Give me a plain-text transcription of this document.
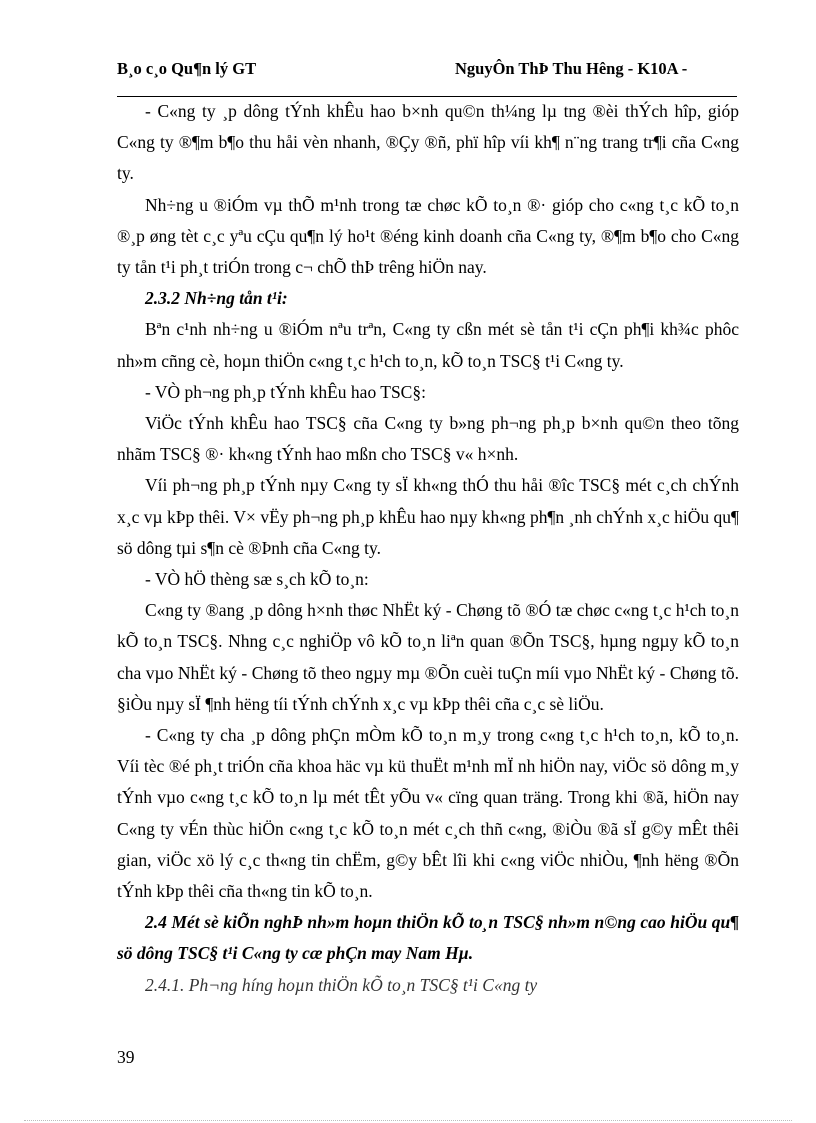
B¸o c¸o Qu¶n lý GT	NguyÔn ThÞ Thu Hêng - K10A -

- C«ng ty ¸p dông tÝnh khÊu hao b×nh qu©n th¼ng lµ tng ®èi thÝch hîp, gióp C«ng ty ®¶m b¶o thu håi vèn nhanh, ®Çy ®ñ, phï hîp víi kh¶ n¨ng trang tr¶i cña C«ng ty.

Nh÷ng u ®iÓm vµ thÕ m¹nh trong tæ chøc kÕ to¸n ®· gióp cho c«ng t¸c kÕ to¸n ®¸p øng tèt c¸c yªu cÇu qu¶n lý ho¹t ®éng kinh doanh cña C«ng ty, ®¶m b¶o cho C«ng ty tån t¹i ph¸t triÓn trong c¬ chÕ thÞ trêng hiÖn nay.

2.3.2 Nh÷ng tån t¹i:

Bªn c¹nh nh÷ng u ®iÓm nªu trªn, C«ng ty cßn mét sè tån t¹i cÇn ph¶i kh¾c phôc nh»m cñng cè, hoµn thiÖn c«ng t¸c h¹ch to¸n, kÕ to¸n TSC§ t¹i C«ng ty.

- VÒ ph¬ng ph¸p tÝnh khÊu hao TSC§:

ViÖc tÝnh khÊu hao TSC§ cña C«ng ty b»ng ph¬ng ph¸p b×nh qu©n theo tõng nhãm TSC§ ®· kh«ng tÝnh hao mßn cho TSC§ v« h×nh.

Víi ph¬ng ph¸p tÝnh nµy C«ng ty sÏ kh«ng thÓ thu håi ®îc TSC§ mét c¸ch chÝnh x¸c vµ kÞp thêi. V× vËy ph¬ng ph¸p khÊu hao nµy kh«ng ph¶n ¸nh chÝnh x¸c hiÖu qu¶ sö dông tµi s¶n cè ®Þnh cña C«ng ty.

- VÒ hÖ thèng sæ s¸ch kÕ to¸n:

C«ng ty ®ang ¸p dông h×nh thøc NhËt ký - Chøng tõ ®Ó tæ chøc c«ng t¸c h¹ch to¸n kÕ to¸n TSC§. Nhng c¸c nghiÖp vô kÕ to¸n liªn quan ®Õn TSC§, hµng ngµy kÕ to¸n cha vµo NhËt ký - Chøng tõ theo ngµy mµ ®Õn cuèi tuÇn míi vµo NhËt ký - Chøng tõ. §iÒu nµy sÏ ¶nh hëng tíi tÝnh chÝnh x¸c vµ kÞp thêi cña c¸c sè liÖu.

- C«ng ty cha ¸p dông phÇn mÒm kÕ to¸n m¸y trong c«ng t¸c h¹ch to¸n, kÕ to¸n. Víi tèc ®é ph¸t triÓn cña khoa häc vµ kü thuËt m¹nh mÏ nh hiÖn nay, viÖc sö dông m¸y tÝnh vµo c«ng t¸c kÕ to¸n lµ mét tÊt yÕu v« cïng quan träng. Trong khi ®ã, hiÖn nay C«ng ty vÉn thùc hiÖn c«ng t¸c kÕ to¸n mét c¸ch thñ c«ng, ®iÒu ®ã sÏ g©y mÊt thêi gian, viÖc xö lý c¸c th«ng tin chËm, g©y bÊt lîi khi c«ng viÖc nhiÒu, ¶nh hëng ®Õn tÝnh kÞp thêi cña th«ng tin kÕ to¸n.

2.4 Mét sè kiÕn nghÞ nh»m hoµn thiÖn kÕ to¸n TSC§ nh»m n©ng cao hiÖu qu¶ sö dông TSC§ t¹i C«ng ty cæ phÇn may Nam Hµ.

2.4.1. Ph¬ng híng hoµn thiÖn kÕ to¸n TSC§ t¹i C«ng ty

39
